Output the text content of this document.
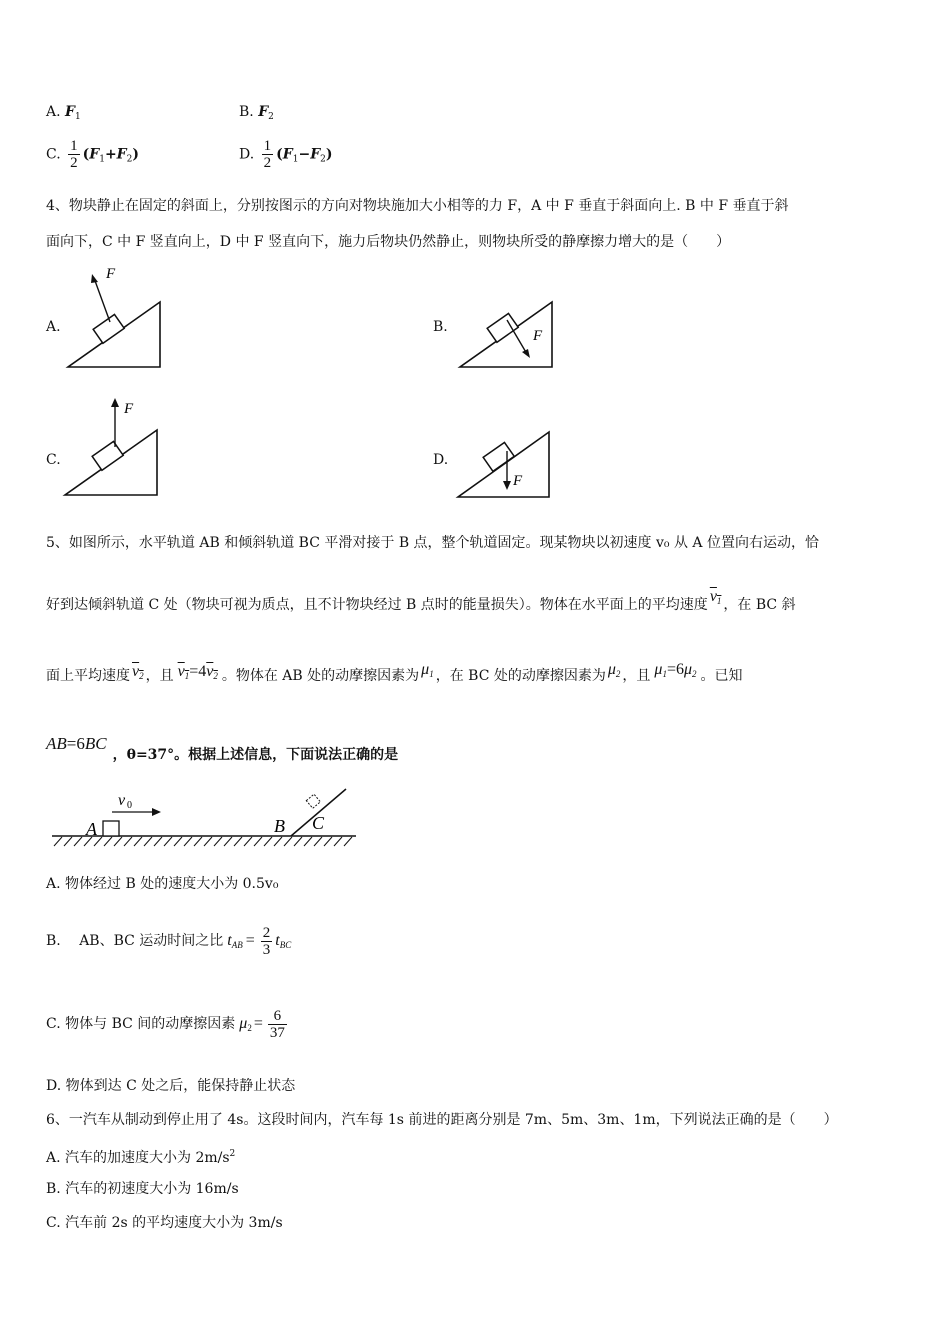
A. $F_1$	B. $F_2$
C. $\frac{1}{2} (F_1+F_2)$	D. $\frac{1}{2} (F_1-F_2)$
4、物块静止在固定的斜面上，分别按图示的方向对物块施加大小相等的力 F，A 中 F 垂直于斜面向上. B 中 F 垂直于斜
面向下，C 中 F 竖直向上，D 中 F 竖直向下，施力后物块仍然静止，则物块所受的静摩擦力增大的是（　　）
A.	B.
C.	D.
F
F
F
F
5、如图所示，水平轨道 AB 和倾斜轨道 BC 平滑对接于 B 点，整个轨道固定。现某物块以初速度 v₀ 从 A 位置向右运动，恰
好到达倾斜轨道 C 处（物块可视为质点，且不计物块经过 B 点时的能量损失）。物体在水平面上的平均速度 $v_1$ ，在 BC 斜
面上平均速度 $v_2$ ，且 $v_1=4v_2$ 。物体在 AB 处的动摩擦因素为 $\mu_1$ ，在 BC 处的动摩擦因素为 $\mu_2$ ，且 $\mu_1=6\mu_2$ 。已知
AB=6BC，θ=37°。根据上述信息，下面说法正确的是
v 0
A	B C
A. 物体经过 B 处的速度大小为 0.5v₀
B.　 AB、BC 运动时间之比 $t_{AB} = \frac{2}{3} t_{BC}$
C. 物体与 BC 间的动摩擦因素 $\mu_2 = \frac{6}{37}$
D. 物体到达 C 处之后，能保持静止状态
6、一汽车从制动到停止用了 4s。这段时间内，汽车每 1s 前进的距离分别是 7m、5m、3m、1m，下列说法正确的是（　　）
A. 汽车的加速度大小为 $2m/s^2$
B. 汽车的初速度大小为 16m/s
C. 汽车前 2s 的平均速度大小为 3m/s
